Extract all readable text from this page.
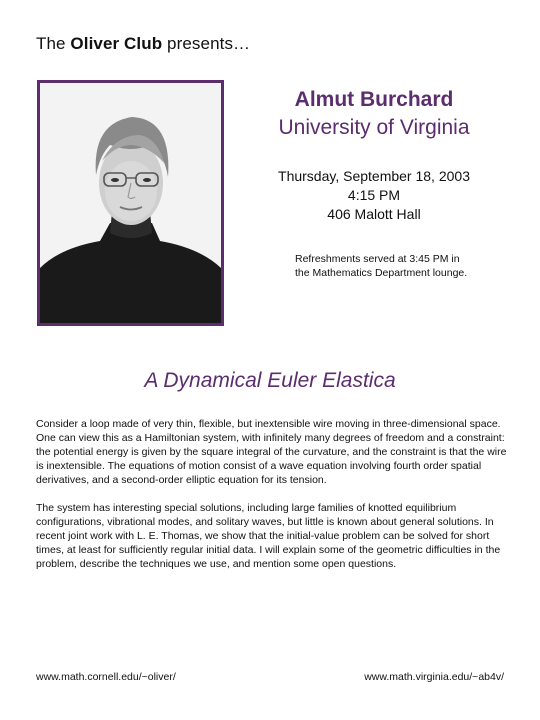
The Oliver Club presents…
Almut Burchard
University of Virginia
Thursday, September 18, 2003
4:15 PM
406 Malott Hall
Refreshments served at 3:45 PM in the Mathematics Department lounge.
A Dynamical Euler Elastica

Consider a loop made of very thin, flexible, but inextensible wire moving in three-dimensional space. One can view this as a Hamiltonian system, with infinitely many degrees of freedom and a constraint: the potential energy is given by the square integral of the curvature, and the constraint is that the wire is inextensible. The equations of motion consist of a wave equation involving fourth order spatial derivatives, and a second-order elliptic equation for its tension.

The system has interesting special solutions, including large families of knotted equilibrium configurations, vibrational modes, and solitary waves, but little is known about general solutions. In recent joint work with L. E. Thomas, we show that the initial-value problem can be solved for short times, at least for sufficiently regular initial data. I will explain some of the geometric difficulties in the problem, describe the techniques we use, and mention some open questions.

www.math.cornell.edu/~oliver/	www.math.virginia.edu/~ab4v/
